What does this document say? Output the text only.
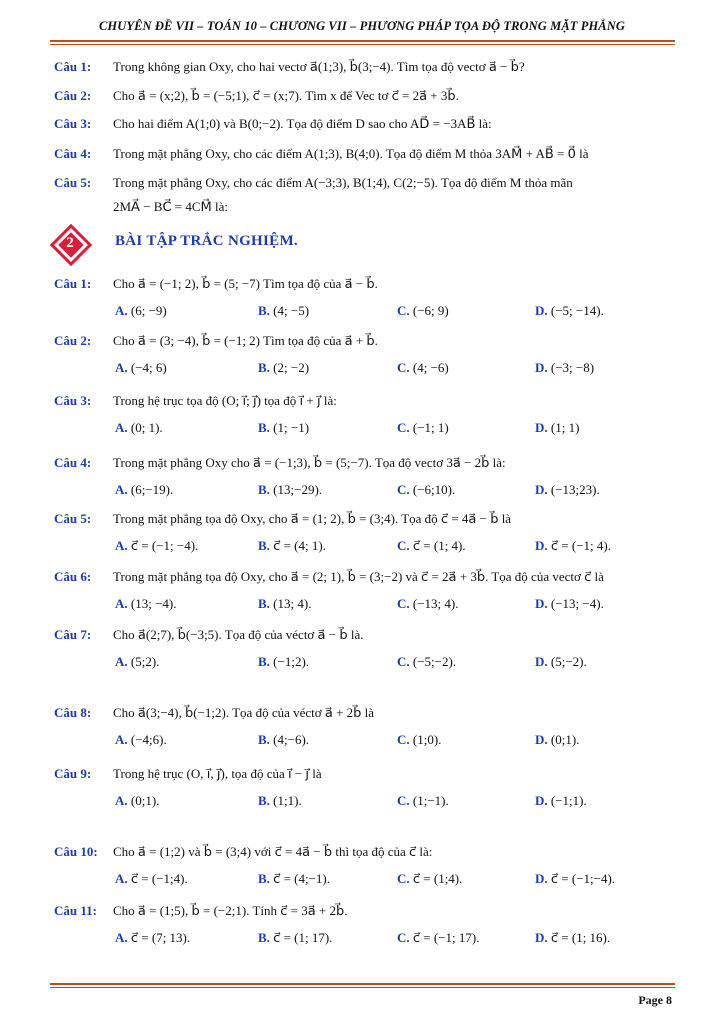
CHUYÊN ĐỀ VII – TOÁN 10 – CHƯƠNG VII – PHƯƠNG PHÁP TỌA ĐỘ TRONG MẶT PHẲNG
Câu 1: Trong không gian Oxy, cho hai vectơ a⃗(1;3), b⃗(3;−4). Tìm tọa độ vectơ a⃗ − b⃗?
Câu 2: Cho a⃗ = (x;2), b⃗ = (−5;1), c⃗ = (x;7). Tìm x để Vec tơ c⃗ = 2a⃗ + 3b⃗.
Câu 3: Cho hai điểm A(1;0) và B(0;−2). Tọa độ điểm D sao cho AD⃗ = −3AB⃗ là:
Câu 4: Trong mặt phẳng Oxy, cho các điểm A(1;3), B(4;0). Tọa độ điểm M thỏa 3AM⃗ + AB⃗ = 0⃗ là
Câu 5: Trong mặt phẳng Oxy, cho các điểm A(−3;3), B(1;4), C(2;−5). Tọa độ điểm M thỏa mãn
2MA⃗ − BC⃗ = 4CM⃗ là:
2	BÀI TẬP TRẮC NGHIỆM.
Câu 1: Cho a⃗ = (−1; 2), b⃗ = (5; −7) Tìm tọa độ của a⃗ − b⃗.
A. (6; −9)	B. (4; −5)	C. (−6; 9)	D. (−5; −14).
Câu 2: Cho a⃗ = (3; −4), b⃗ = (−1; 2) Tìm tọa độ của a⃗ + b⃗.
A. (−4; 6)	B. (2; −2)	C. (4; −6)	D. (−3; −8)
Câu 3: Trong hệ trục tọa độ (O; i⃗; j⃗) tọa độ i⃗ + j⃗ là:
A. (0; 1).	B. (1; −1)	C. (−1; 1)	D. (1; 1)
Câu 4: Trong mặt phẳng Oxy cho a⃗ = (−1;3), b⃗ = (5;−7). Tọa độ vectơ 3a⃗ − 2b⃗ là:
A. (6;−19).	B. (13;−29).	C. (−6;10).	D. (−13;23).
Câu 5: Trong mặt phẳng tọa độ Oxy, cho a⃗ = (1; 2), b⃗ = (3;4). Tọa độ c⃗ = 4a⃗ − b⃗ là
A. c⃗ = (−1; −4).	B. c⃗ = (4; 1).	C. c⃗ = (1; 4).	D. c⃗ = (−1; 4).
Câu 6: Trong mặt phẳng tọa độ Oxy, cho a⃗ = (2; 1), b⃗ = (3;−2) và c⃗ = 2a⃗ + 3b⃗. Tọa độ của vectơ c⃗ là
A. (13; −4).	B. (13; 4).	C. (−13; 4).	D. (−13; −4).
Câu 7: Cho a⃗(2;7), b⃗(−3;5). Tọa độ của véctơ a⃗ − b⃗ là.
A. (5;2).	B. (−1;2).	C. (−5;−2).	D. (5;−2).
Câu 8: Cho a⃗(3;−4), b⃗(−1;2). Tọa độ của véctơ a⃗ + 2b⃗ là
A. (−4;6).	B. (4;−6).	C. (1;0).	D. (0;1).
Câu 9: Trong hệ trục (O, i⃗, j⃗), tọa độ của i⃗ − j⃗ là
A. (0;1).	B. (1;1).	C. (1;−1).	D. (−1;1).
Câu 10: Cho a⃗ = (1;2) và b⃗ = (3;4) với c⃗ = 4a⃗ − b⃗ thì tọa độ của c⃗ là:
A. c⃗ = (−1;4).	B. c⃗ = (4;−1).	C. c⃗ = (1;4).	D. c⃗ = (−1;−4).
Câu 11: Cho a⃗ = (1;5), b⃗ = (−2;1). Tính c⃗ = 3a⃗ + 2b⃗.
A. c⃗ = (7; 13).	B. c⃗ = (1; 17).	C. c⃗ = (−1; 17).	D. c⃗ = (1; 16).
Page 8
